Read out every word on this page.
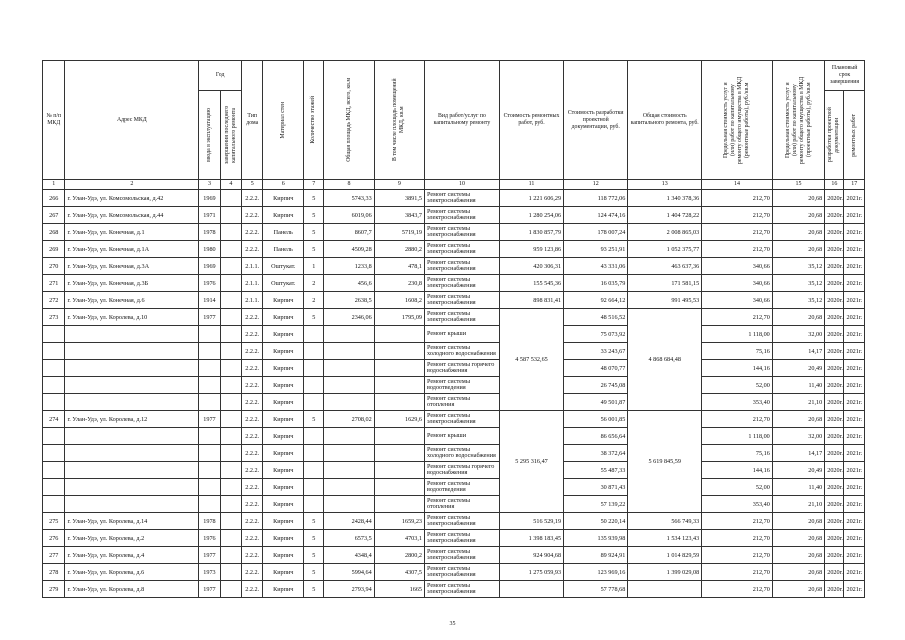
№ п/п МКД	Адрес МКД	Год		Тип дома	Материал стен	Количество этажей	Общая площадь МКД, всего, кв.м	В том числе площадь помещений МКД, кв.м	Вид работ/услуг по капитальному ремонту	Стоимость ремонтных работ, руб.	Стоимость разработки проектной документации, руб.	Общая стоимость капитального ремонта, руб.	Предельная стоимость услуг и (или) работ по капитальному ремонту общего имущества в МКД (ремонтные работы), руб./кв.м	Предельная стоимость услуг и (или) работ по капитальному ремонту общего имущества в МКД (проектные работы), руб./кв.м	Плановый срок завершения	

		ввода в эксплуатацию	завершения последнего капитального ремонта												разработки проектной документации	ремонтных работ

1	2	3	4	5	6	7	8	9	10	11	12	13	14	15	16	17
266	г. Улан-Удэ, ул. Комсомольская, д.42	1969		2.2.2.	Кирпич	5	5743,33	3891,5	Ремонт системы электроснабжения	1 221 606,29	118 772,06	1 340 378,36	212,70	20,68	2020г.	2021г.
267	г. Улан-Удэ, ул. Комсомольская, д.44	1971		2.2.2.	Кирпич	5	6019,06	3843,7	Ремонт системы электроснабжения	1 280 254,06	124 474,16	1 404 728,22	212,70	20,68	2020г.	2021г.
268	г. Улан-Удэ, ул. Конечная, д.1	1978		2.2.2.	Панель	5	8607,7	5719,19	Ремонт системы электроснабжения	1 830 857,79	178 007,24	2 008 865,03	212,70	20,68	2020г.	2021г.
269	г. Улан-Удэ, ул. Конечная, д.1А	1980		2.2.2.	Панель	5	4509,28	2880,2	Ремонт системы электроснабжения	959 123,86	93 251,91	1 052 375,77	212,70	20,68	2020г.	2021г.
270	г. Улан-Удэ, ул. Конечная, д.3А	1969		2.1.1.	Оштукат.	1	1233,8	478,1	Ремонт системы электроснабжения	420 306,31	43 331,06	463 637,36	340,66	35,12	2020г.	2021г.
271	г. Улан-Удэ, ул. Конечная, д.3Б	1976		2.1.1.	Оштукат.	2	456,6	230,8	Ремонт системы электроснабжения	155 545,36	16 035,79	171 581,15	340,66	35,12	2020г.	2021г.
272	г. Улан-Удэ, ул. Конечная, д.6	1914		2.1.1.	Кирпич	2	2638,5	1608,2	Ремонт системы электроснабжения	898 831,41	92 664,12	991 495,53	340,66	35,12	2020г.	2021г.
273	г. Улан-Удэ, ул. Королева, д.10	1977		2.2.2.	Кирпич	5	2346,06	1795,09	Ремонт системы электроснабжения	4 587 532,65	48 516,52	4 868 684,48	212,70	20,68	2020г.	2021г.
				2.2.2.	Кирпич				Ремонт крыши		75 073,92		1 118,00	32,00	2020г.	2021г.
				2.2.2.	Кирпич				Ремонт системы холодного водоснабжения		33 243,67		75,16	14,17	2020г.	2021г.
				2.2.2.	Кирпич				Ремонт системы горячего водоснабжения		48 070,77		144,16	20,49	2020г.	2021г.
				2.2.2.	Кирпич				Ремонт системы водоотведения		26 745,08		52,00	11,40	2020г.	2021г.
				2.2.2.	Кирпич				Ремонт системы отопления		49 501,87		353,40	21,10	2020г.	2021г.
274	г. Улан-Удэ, ул. Королева, д.12	1977		2.2.2.	Кирпич	5	2708,02	1629,6	Ремонт системы электроснабжения	5 295 316,47	56 001,85	5 619 845,59	212,70	20,68	2020г.	2021г.
				2.2.2.	Кирпич				Ремонт крыши		86 656,64		1 118,00	32,00	2020г.	2021г.
				2.2.2.	Кирпич				Ремонт системы холодного водоснабжения		38 372,64		75,16	14,17	2020г.	2021г.
				2.2.2.	Кирпич				Ремонт системы горячего водоснабжения		55 487,33		144,16	20,49	2020г.	2021г.
				2.2.2.	Кирпич				Ремонт системы водоотведения		30 871,43		52,00	11,40	2020г.	2021г.
				2.2.2.	Кирпич				Ремонт системы отопления		57 139,22		353,40	21,10	2020г.	2021г.
275	г. Улан-Удэ, ул. Королева, д.14	1978		2.2.2.	Кирпич	5	2428,44	1659,23	Ремонт системы электроснабжения	516 529,19	50 220,14	566 749,33	212,70	20,68	2020г.	2021г.
276	г. Улан-Удэ, ул. Королева, д.2	1976		2.2.2.	Кирпич	5	6573,5	4703,1	Ремонт системы электроснабжения	1 398 183,45	135 939,98	1 534 123,43	212,70	20,68	2020г.	2021г.
277	г. Улан-Удэ, ул. Королева, д.4	1977		2.2.2.	Кирпич	5	4348,4	2800,2	Ремонт системы электроснабжения	924 904,68	89 924,91	1 014 829,59	212,70	20,68	2020г.	2021г.
278	г. Улан-Удэ, ул. Королева, д.6	1973		2.2.2.	Кирпич	5	5994,64	4307,5	Ремонт системы электроснабжения	1 275 059,93	123 969,16	1 399 029,08	212,70	20,68	2020г.	2021г.
279	г. Улан-Удэ, ул. Королева, д.8	1977		2.2.2.	Кирпич	5	2793,94	1665	Ремонт системы электроснабжения		57 778,68		212,70	20,68	2020г.	2021г.
35
